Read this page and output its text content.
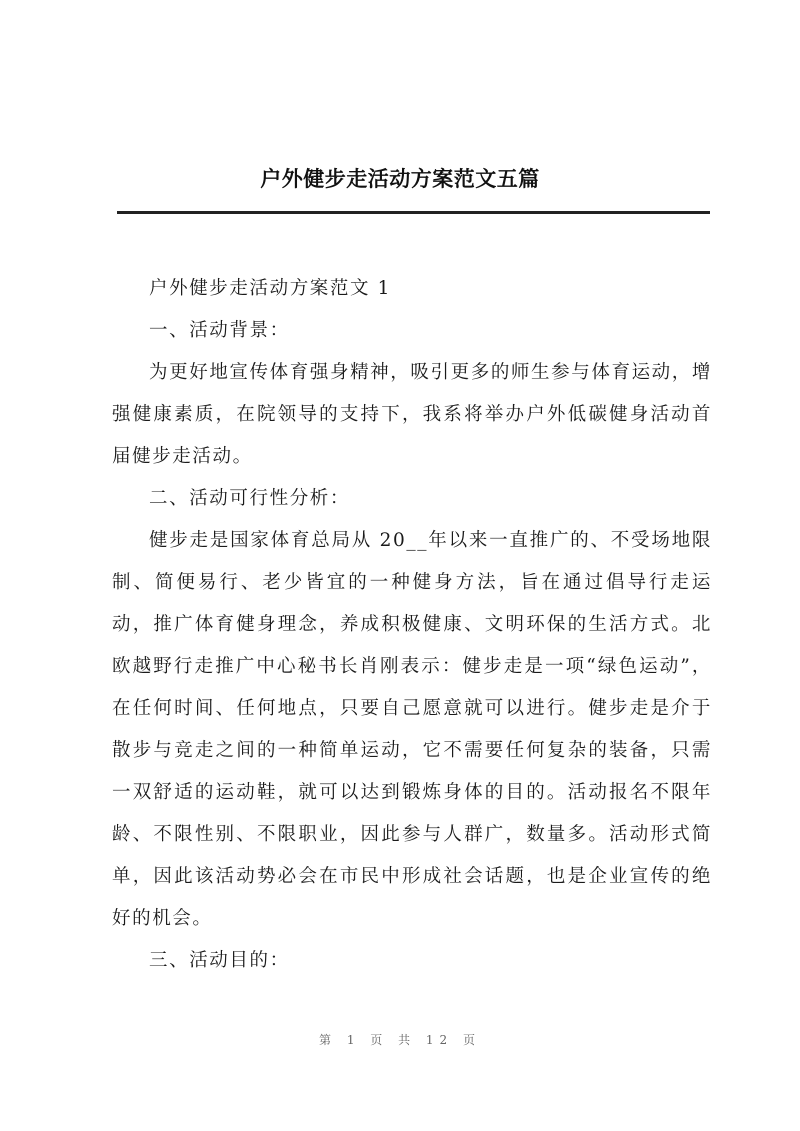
户外健步走活动方案范文五篇

户外健步走活动方案范文 1

一、活动背景：

为更好地宣传体育强身精神，吸引更多的师生参与体育运动，增强健康素质，在院领导的支持下，我系将举办户外低碳健身活动首届健步走活动。

二、活动可行性分析：

健步走是国家体育总局从 20__年以来一直推广的、不受场地限制、简便易行、老少皆宜的一种健身方法，旨在通过倡导行走运动，推广体育健身理念，养成积极健康、文明环保的生活方式。北欧越野行走推广中心秘书长肖刚表示：健步走是一项“绿色运动”，在任何时间、任何地点，只要自己愿意就可以进行。健步走是介于散步与竞走之间的一种简单运动，它不需要任何复杂的装备，只需一双舒适的运动鞋，就可以达到锻炼身体的目的。活动报名不限年龄、不限性别、不限职业，因此参与人群广，数量多。活动形式简单，因此该活动势必会在市民中形成社会话题，也是企业宣传的绝好的机会。

三、活动目的：

第 1 页 共 12 页
